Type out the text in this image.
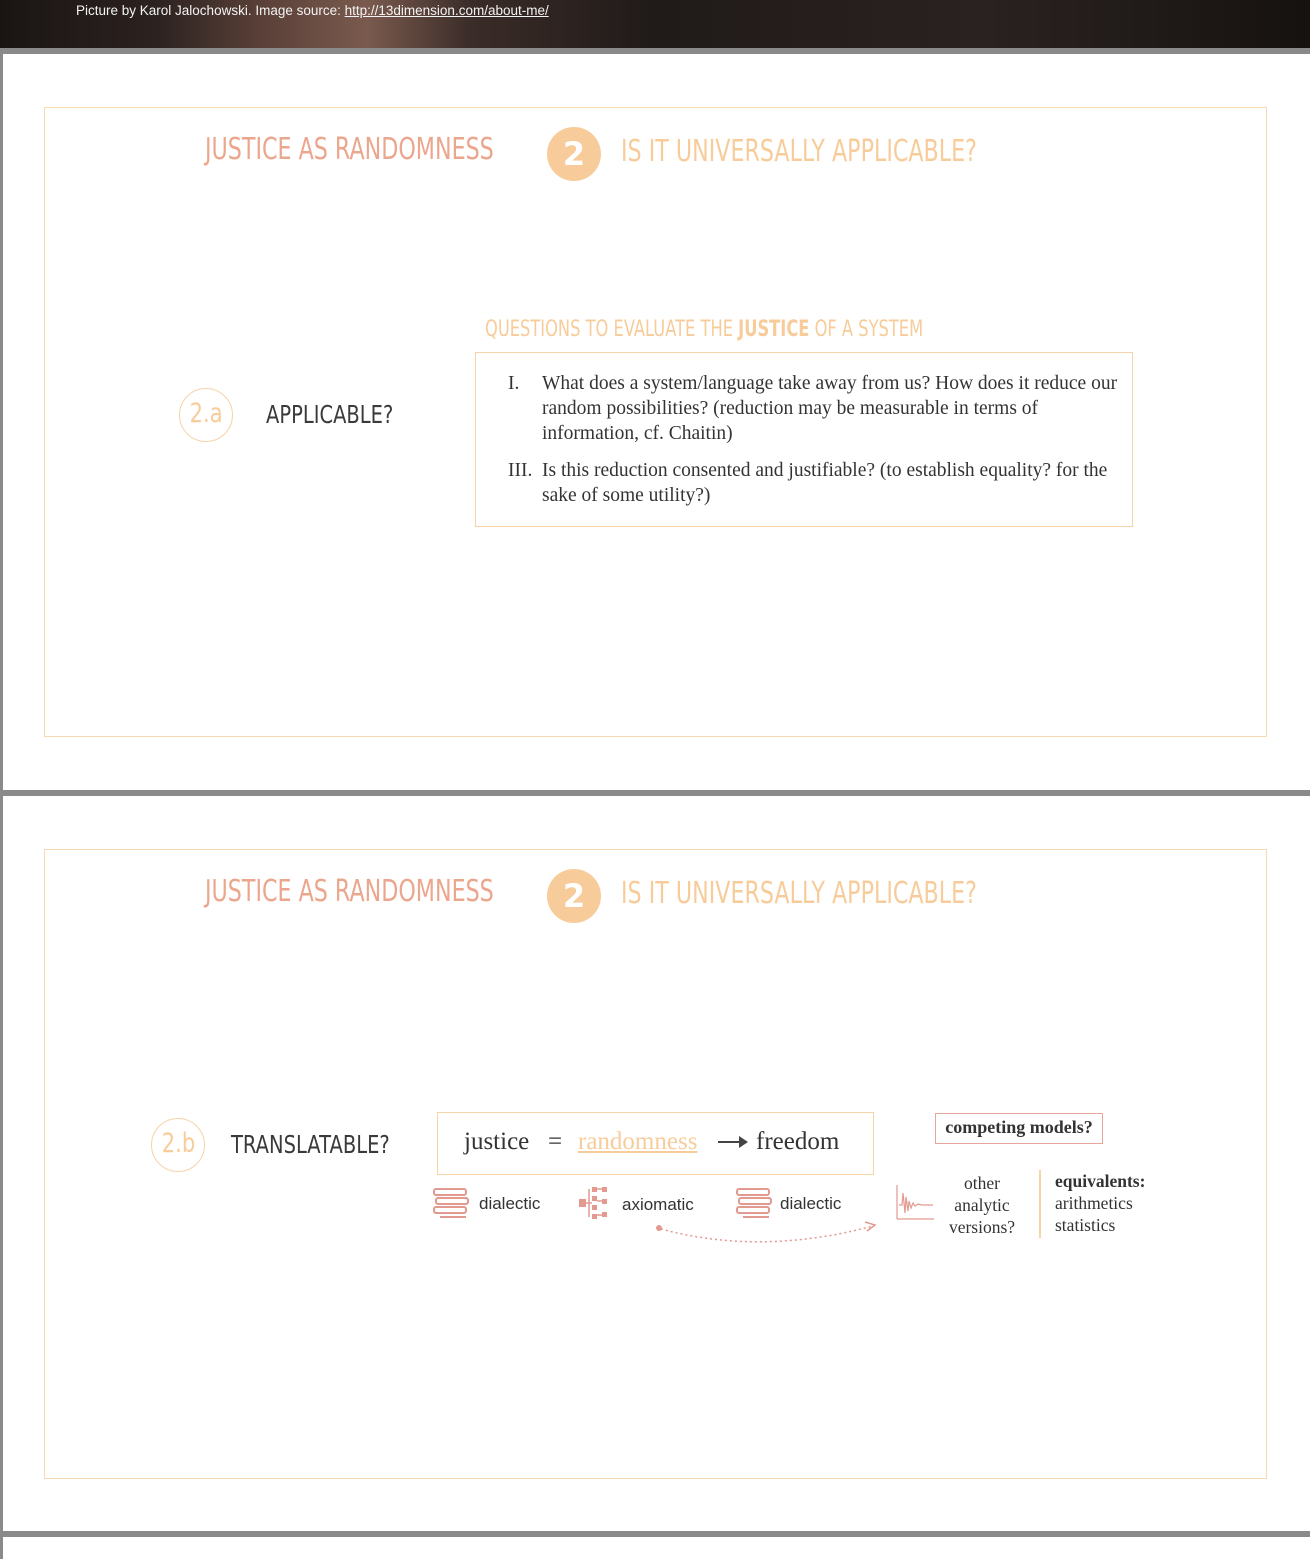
Picture by Karol Jalochowski. Image source: http://13dimension.com/about-me/
JUSTICE AS RANDOMNESS	2	IS IT UNIVERSALLY APPLICABLE?
2.a	APPLICABLE?
QUESTIONS TO EVALUATE THE JUSTICE OF A SYSTEM
I. What does a system/language take away from us? How does it reduce our random possibilities? (reduction may be measurable in terms of information, cf. Chaitin)
III. Is this reduction consented and justifiable? (to establish equality? for the sake of some utility?)
JUSTICE AS RANDOMNESS	2	IS IT UNIVERSALLY APPLICABLE?
2.b	TRANSLATABLE?	justice = randomness freedom
dialectic	axiomatic	dialectic
competing models?
other
analytic
versions?
equivalents:
arithmetics
statistics
